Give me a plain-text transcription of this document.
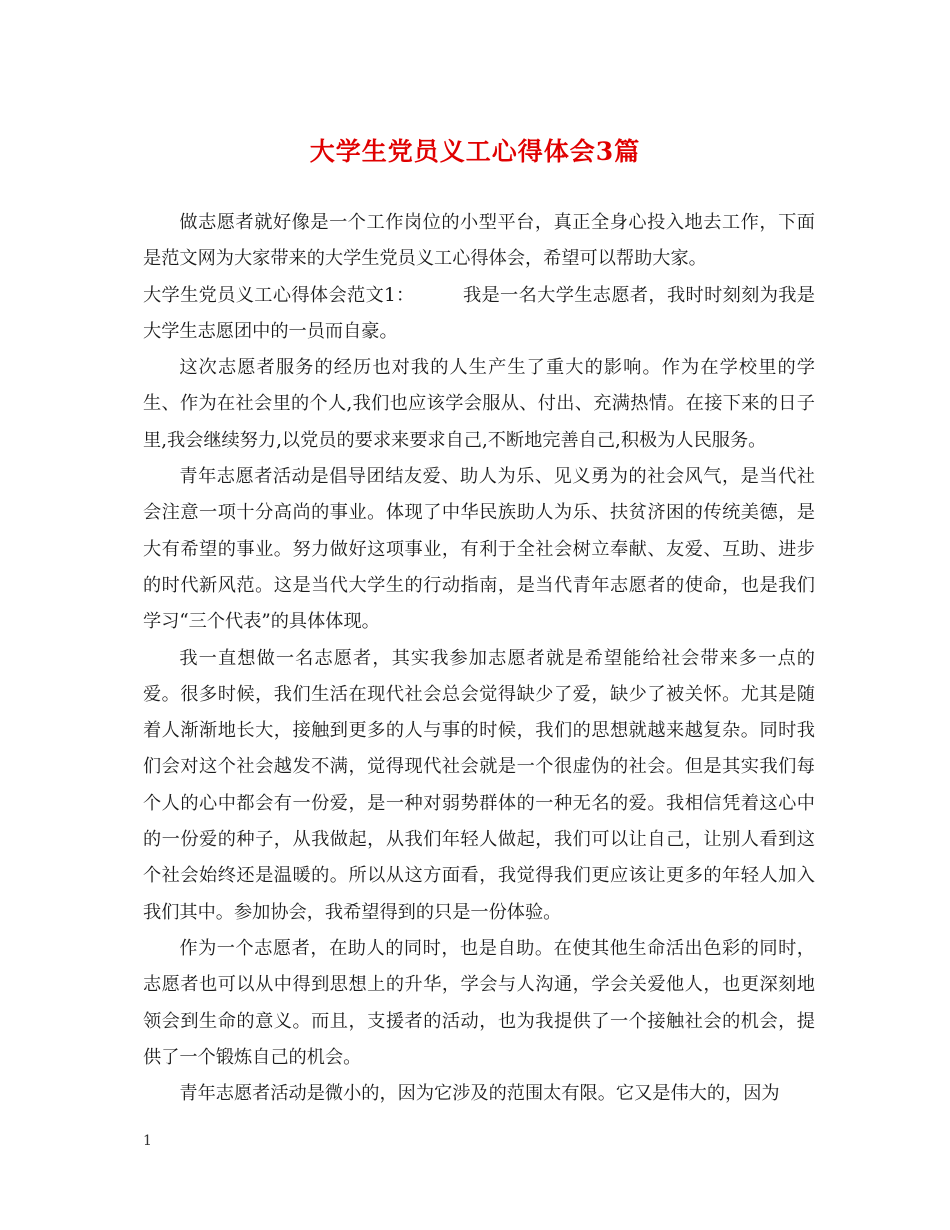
大学生党员义工心得体会3篇

做志愿者就好像是一个工作岗位的小型平台，真正全身心投入地去工作，下面是范文网为大家带来的大学生党员义工心得体会，希望可以帮助大家。

大学生党员义工心得体会范文1：	我是一名大学生志愿者，我时时刻刻为我是大学生志愿团中的一员而自豪。

这次志愿者服务的经历也对我的人生产生了重大的影响。作为在学校里的学生、作为在社会里的个人,我们也应该学会服从、付出、充满热情。在接下来的日子里,我会继续努力,以党员的要求来要求自己,不断地完善自己,积极为人民服务。

青年志愿者活动是倡导团结友爱、助人为乐、见义勇为的社会风气，是当代社会注意一项十分高尚的事业。体现了中华民族助人为乐、扶贫济困的传统美德，是大有希望的事业。努力做好这项事业，有利于全社会树立奉献、友爱、互助、进步的时代新风范。这是当代大学生的行动指南，是当代青年志愿者的使命，也是我们学习“三个代表”的具体体现。

我一直想做一名志愿者，其实我参加志愿者就是希望能给社会带来多一点的爱。很多时候，我们生活在现代社会总会觉得缺少了爱，缺少了被关怀。尤其是随着人渐渐地长大，接触到更多的人与事的时候，我们的思想就越来越复杂。同时我们会对这个社会越发不满，觉得现代社会就是一个很虚伪的社会。但是其实我们每个人的心中都会有一份爱，是一种对弱势群体的一种无名的爱。我相信凭着这心中的一份爱的种子，从我做起，从我们年轻人做起，我们可以让自己，让别人看到这个社会始终还是温暖的。所以从这方面看，我觉得我们更应该让更多的年轻人加入我们其中。参加协会，我希望得到的只是一份体验。

作为一个志愿者，在助人的同时，也是自助。在使其他生命活出色彩的同时，志愿者也可以从中得到思想上的升华，学会与人沟通，学会关爱他人，也更深刻地领会到生命的意义。而且，支援者的活动，也为我提供了一个接触社会的机会，提供了一个锻炼自己的机会。

青年志愿者活动是微小的，因为它涉及的范围太有限。它又是伟大的，因为

1
